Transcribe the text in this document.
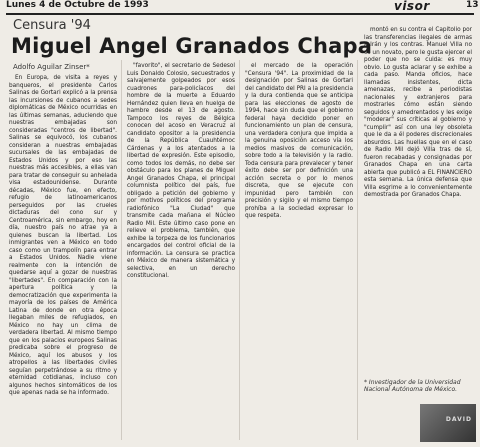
Lunes 4 de Octubre de 1993	visor	13
Censura '94
Miguel Angel Granados Chapa
Adolfo Aguilar Zinser*

En Europa, de visita a reyes y banqueros, el presidente Carlos Salinas de Gortari explicó a la prensa las incursiones de cubanos a sedes diplomáticas de México ocurridas en las últimas semanas, aduciendo que nuestras embajadas son consideradas "centros de libertad". Salinas se equivocó, los cubanos consideran a nuestras embajadas sucursales de las embajadas de Estados Unidos y por eso las nuestras más accesibles, a ellas van para tratar de conseguir su anhelada visa estadounidense. Durante décadas, México fue, en efecto, refugio de latinoamericanos perseguidos por las crueles dictaduras del cono sur y Centroamérica, sin embargo, hoy en día, nuestro país no atrae ya a quienes buscan la libertad. Los inmigrantes ven a México en todo caso como un trampolín para entrar a Estados Unidos. Nadie viene realmente con la intención de quedarse aquí a gozar de nuestras "libertades". En comparación con la apertura política y la democratización que experimenta la mayoría de los países de América Latina de donde en otra época llegaban miles de refugiados, en México no hay un clima de verdadera libertad. Al mismo tiempo que en los palacios europeos Salinas predicaba sobre el progreso de México, aquí los abusos y los atropellos a las libertades civiles seguían perpetrándose a su ritmo y eternidad cotidianas, incluso con algunos hechos sintomáticos de los que apenas nada se ha informado.

"favorito", el secretario de Sedesol Luis Donaldo Colosio, secuestrados y salvajemente golpeados por esos cuadrones para-policíacos del hombre de la muerte a Eduardo Hernández quien lleva en huelga de hambre desde el 13 de agosto. Tampoco los reyes de Bélgica conocen del acoso en Veracruz al candidato opositor a la presidencia de la República Cuauhtémoc Cárdenas y a los atentados a la libertad de expresión. Este episodio, como todos los demás, no debe ser obstáculo para los planes de Miguel Angel Granados Chapa, el principal columnista político del país, fue obligado a petición del gobierno y por motivos políticos del programa radiofónico "La Ciudad" que transmite cada mañana el Núcleo Radio Mil. Este último caso pone en relieve el problema, también, que exhibe la torpeza de los funcionarios encargados del control oficial de la información. La censura se practica en México de manera sistemática y selectiva, en un derecho constitucional.

el mercado de la operación "Censura '94". La proximidad de la designación por Salinas de Gortari del candidato del PRI a la presidencia y la dura contienda que se anticipa para las elecciones de agosto de 1994, hace sin duda que el gobierno federal haya decidido poner en funcionamiento un plan de censura, una verdadera conjura que impida a la genuina oposición acceso vía los medios masivos de comunicación, sobre todo a la televisión y la radio. Toda censura para prevalecer y tener éxito debe ser por definición una acción secreta o por lo menos discreta, que se ejecute con impunidad pero también con precisión y sigilo y el mismo tiempo prohíba a la sociedad expresar lo que respeta.

montó en su contra el Capitolio por las transferencias ilegales de armas a Irán y los contras. Manuel Villa no es un novato, pero le gusta ejercer el poder que no se cuida: es muy obvio. Lo gusta aclarar y se exhibe a cada paso. Manda oficios, hace llamadas insistentes, dicta amenazas, recibe a periodistas nacionales y extranjeros para mostrarles cómo están siendo seguidos y amedrentados y les exige "moderar" sus críticas al gobierno y "cumplir" así con una ley obsoleta que le da a él poderes discrecionales absurdos. Las huellas que en el caso de Radio Mil dejó Villa tras de sí, fueron recabadas y consignadas por Granados Chapa en una carta abierta que publicó a EL FINANCIERO esta semana. La única defensa que Villa esgrime a lo convenientemente demostrada por Granados Chapa.

* Investigador de la Universidad Nacional Autónoma de México.
DAVID
